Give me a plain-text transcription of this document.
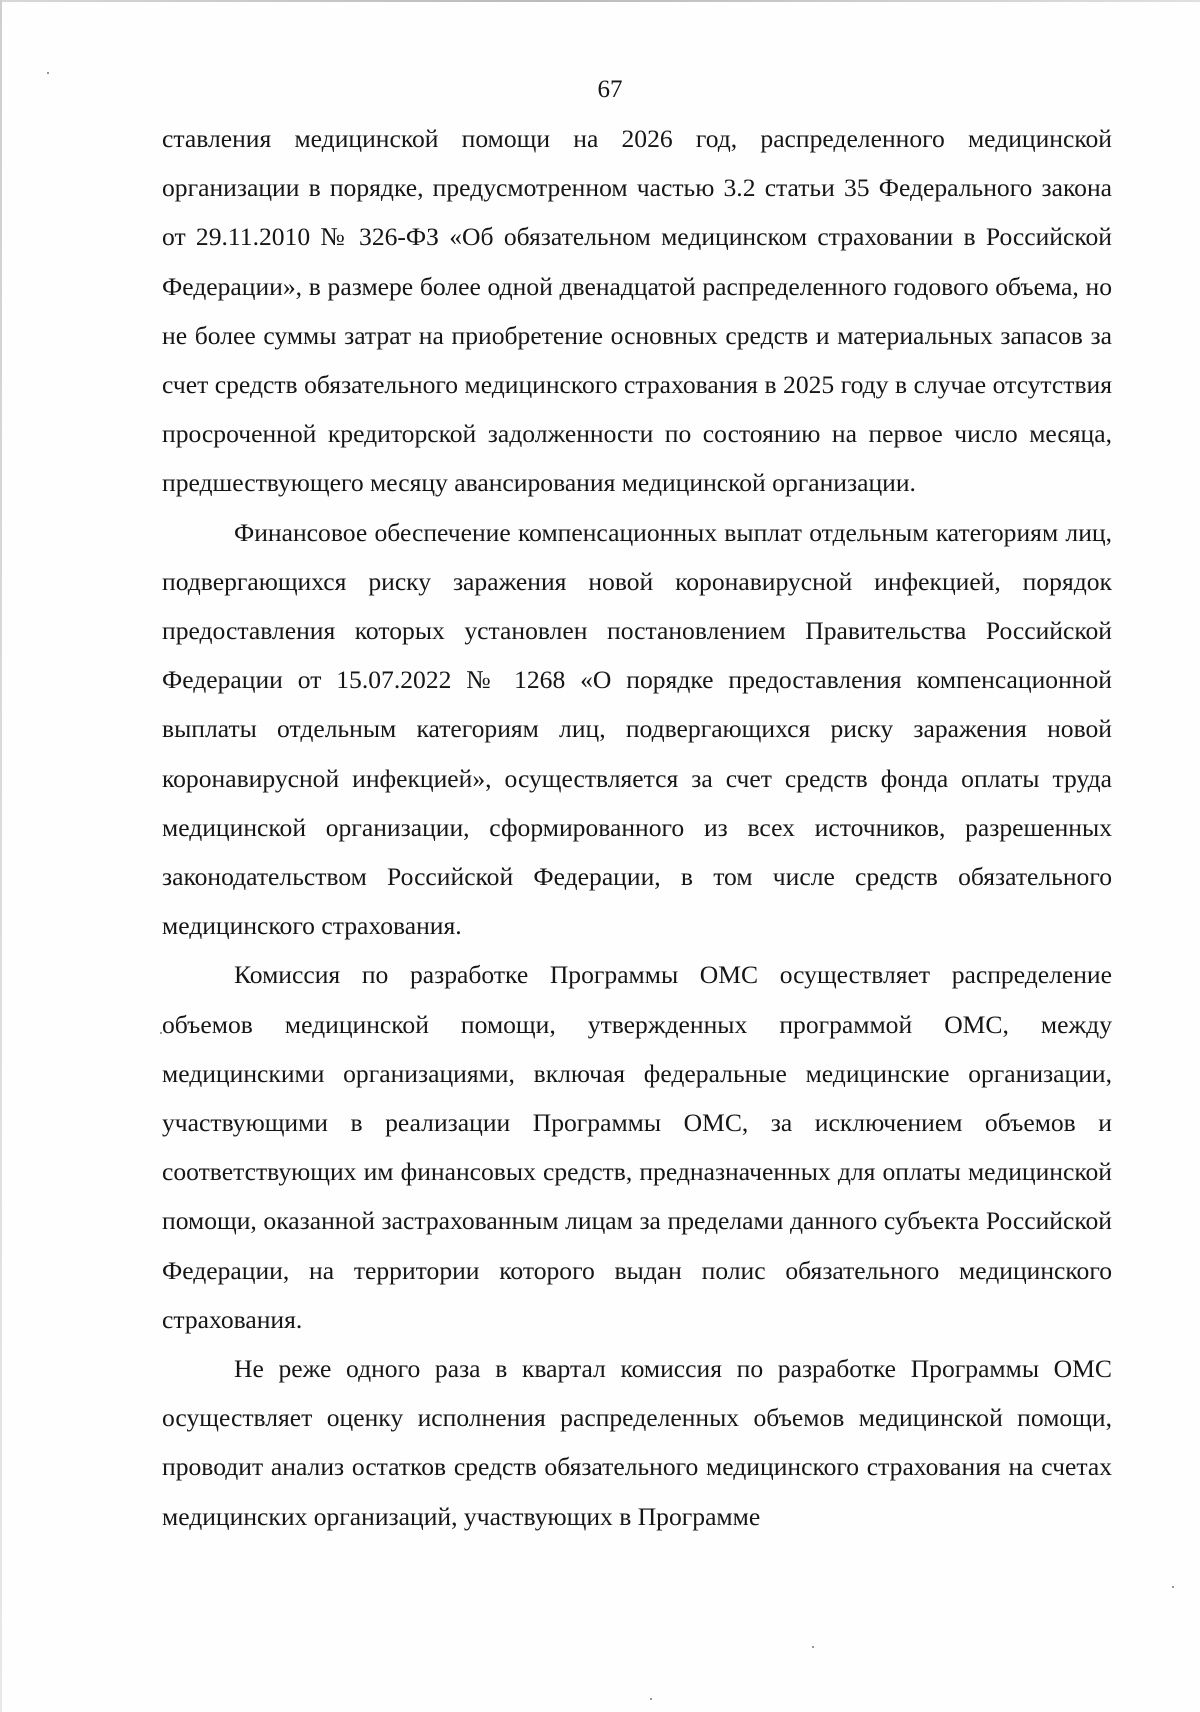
67

ставления медицинской помощи на 2026 год, распределенного медицинской организации в порядке, предусмотренном частью 3.2 статьи 35 Федерального закона от 29.11.2010 № 326-ФЗ «Об обязательном медицинском страховании в Российской Федерации», в размере более одной двенадцатой распределенного годового объема, но не более суммы затрат на приобретение основных средств и материальных запасов за счет средств обязательного медицинского страхования в 2025 году в случае отсутствия просроченной кредиторской задолженности по состоянию на первое число месяца, предшествующего месяцу авансирования медицинской организации.

Финансовое обеспечение компенсационных выплат отдельным категориям лиц, подвергающихся риску заражения новой коронавирусной инфекцией, порядок предоставления которых установлен постановлением Правительства Российской Федерации от 15.07.2022 № 1268 «О порядке предоставления компенсационной выплаты отдельным категориям лиц, подвергающихся риску заражения новой коронавирусной инфекцией», осуществляется за счет средств фонда оплаты труда медицинской организации, сформированного из всех источников, разрешенных законодательством Российской Федерации, в том числе средств обязательного медицинского страхования.

Комиссия по разработке Программы ОМС осуществляет распределение объемов медицинской помощи, утвержденных программой ОМС, между медицинскими организациями, включая федеральные медицинские организации, участвующими в реализации Программы ОМС, за исключением объемов и соответствующих им финансовых средств, предназначенных для оплаты медицинской помощи, оказанной застрахованным лицам за пределами данного субъекта Российской Федерации, на территории которого выдан полис обязательного медицинского страхования.

Не реже одного раза в квартал комиссия по разработке Программы ОМС осуществляет оценку исполнения распределенных объемов медицинской помощи, проводит анализ остатков средств обязательного медицинского страхования на счетах медицинских организаций, участвующих в Программе
